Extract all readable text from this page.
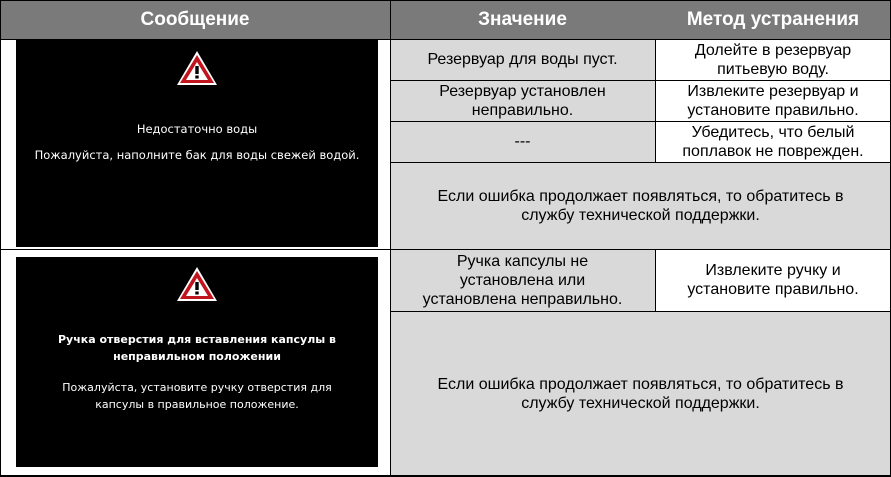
Сообщение	Значение	Метод устранения
Недостаточно воды
Пожалуйста, наполните бак для воды свежей водой.
Ручка отверстия для вставления капсулы в
неправильном положении
Пожалуйста, установите ручку отверстия для
капсулы в правильное положение.
Резервуар для воды пуст.
Долейте в резервуар
питьевую воду.
Резервуар установлен
неправильно.
Извлеките резервуар и
установите правильно.
---
Убедитесь, что белый
поплавок не поврежден.
Если ошибка продолжает появляться, то обратитесь в
службу технической поддержки.
Ручка капсулы не
установлена или
установлена неправильно.
Извлеките ручку и
установите правильно.
Если ошибка продолжает появляться, то обратитесь в
службу технической поддержки.
